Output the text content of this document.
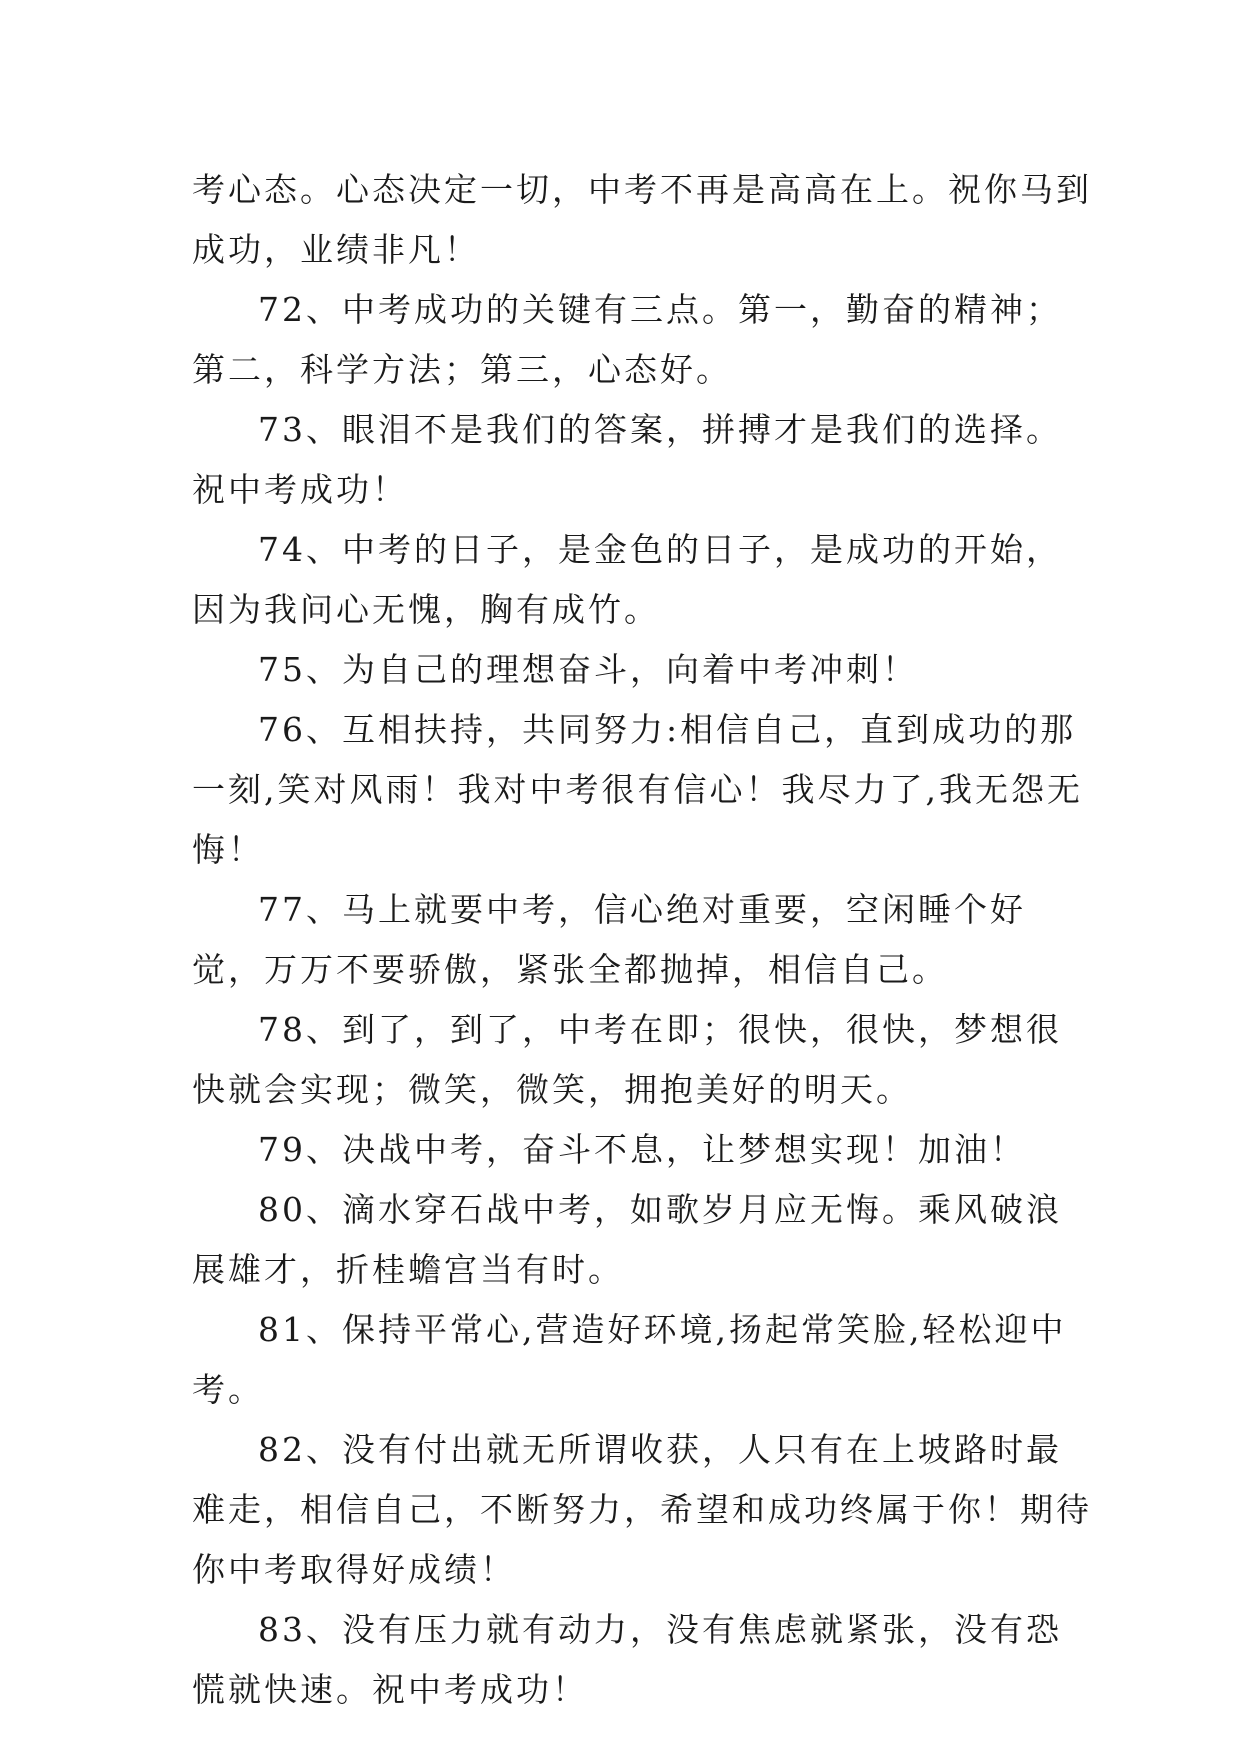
考心态。心态决定一切，中考不再是高高在上。祝你马到成功，业绩非凡！

72、中考成功的关键有三点。第一，勤奋的精神；第二，科学方法；第三，心态好。

73、眼泪不是我们的答案，拼搏才是我们的选择。祝中考成功！

74、中考的日子，是金色的日子，是成功的开始，因为我问心无愧，胸有成竹。

75、为自己的理想奋斗，向着中考冲刺！

76、互相扶持，共同努力:相信自己，直到成功的那一刻,笑对风雨！我对中考很有信心！我尽力了,我无怨无悔！

77、马上就要中考，信心绝对重要，空闲睡个好觉，万万不要骄傲，紧张全都抛掉，相信自己。

78、到了，到了，中考在即；很快，很快，梦想很快就会实现；微笑，微笑，拥抱美好的明天。

79、决战中考，奋斗不息，让梦想实现！加油！

80、滴水穿石战中考，如歌岁月应无悔。乘风破浪展雄才，折桂蟾宫当有时。

81、保持平常心,营造好环境,扬起常笑脸,轻松迎中考。

82、没有付出就无所谓收获，人只有在上坡路时最难走，相信自己，不断努力，希望和成功终属于你！期待你中考取得好成绩！

83、没有压力就有动力，没有焦虑就紧张，没有恐慌就快速。祝中考成功！
